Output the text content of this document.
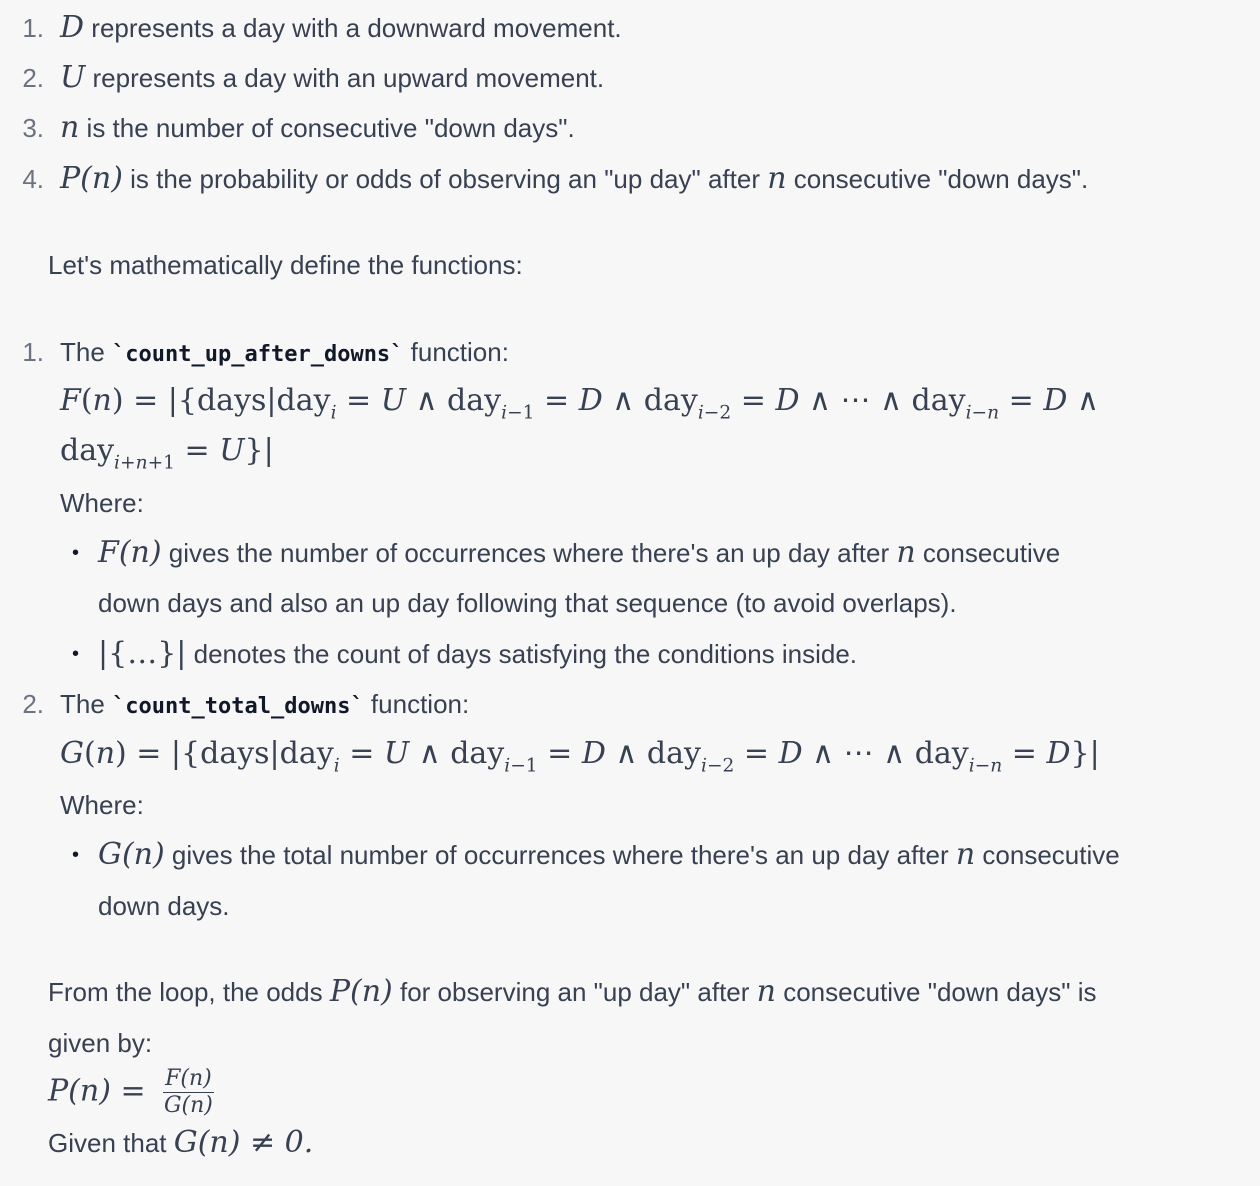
1. D represents a day with a downward movement.
2. U represents a day with an upward movement.
3. n is the number of consecutive "down days".
4. P(n) is the probability or odds of observing an "up day" after n consecutive "down days".
Let's mathematically define the functions:
1. The `count_up_after_downs` function:
F(n) = |{days|day$_i$ = U ∧ day$_{i-1}$ = D ∧ day$_{i-2}$ = D ∧ ⋯ ∧ day$_{i-n}$ = D ∧
day$_{i+n+1}$ = U}|
Where:
• F(n) gives the number of occurrences where there's an up day after n consecutive
down days and also an up day following that sequence (to avoid overlaps).
• |{…}| denotes the count of days satisfying the conditions inside.
2. The `count_total_downs` function:
G(n) = |{days|day$_i$ = U ∧ day$_{i-1}$ = D ∧ day$_{i-2}$ = D ∧ ⋯ ∧ day$_{i-n}$ = D}|
Where:
• G(n) gives the total number of occurrences where there's an up day after n consecutive
down days.
From the loop, the odds P(n) for observing an "up day" after n consecutive "down days" is
given by:
$P(n) = \frac{F(n)}{G(n)}$
Given that G(n) ≠ 0.
